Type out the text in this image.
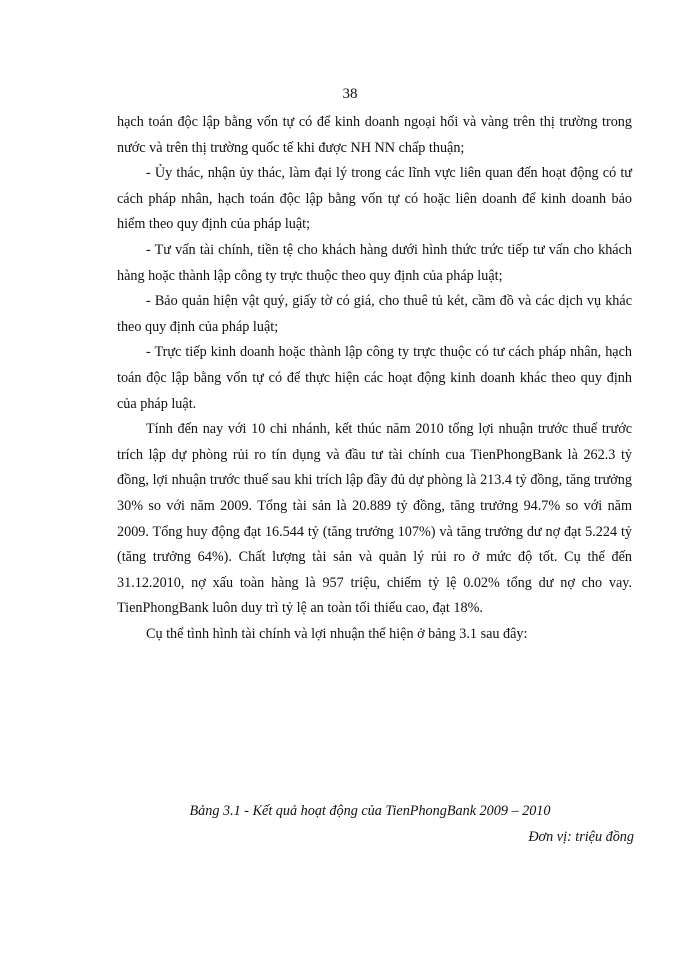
38

hạch toán độc lập bằng vốn tự có để kinh doanh ngoại hối và vàng trên thị trường trong nước và trên thị trường quốc tế khi được NH NN chấp thuận;

- Ủy thác, nhận ủy thác, làm đại lý trong các lĩnh vực liên quan đến hoạt động có tư cách pháp nhân, hạch toán độc lập bằng vốn tự có hoặc liên doanh để kinh doanh bảo hiểm theo quy định của pháp luật;

- Tư vấn tài chính, tiền tệ cho khách hàng dưới hình thức trức tiếp tư vấn cho khách hàng hoặc thành lập công ty trực thuộc theo quy định của pháp luật;

- Bảo quản hiện vật quý, giấy tờ có giá, cho thuê tủ két, cầm đồ và các dịch vụ khác theo quy định của pháp luật;

- Trực tiếp kinh doanh hoặc thành lập công ty trực thuộc có tư cách pháp nhân, hạch toán độc lập bằng vốn tự có để thực hiện các hoạt động kinh doanh khác theo quy định của pháp luật.

Tính đến nay với 10 chi nhánh, kết thúc năm 2010 tổng lợi nhuận trước thuế trước trích lập dự phòng rủi ro tín dụng và đầu tư tài chính cua TienPhongBank là 262.3 tỷ đồng, lợi nhuận trước thuế sau khi trích lập đầy đủ dự phòng là 213.4 tỷ đồng, tăng trưởng 30% so với năm 2009. Tổng tài sản là 20.889 tỷ đồng, tăng trưởng 94.7% so với năm 2009. Tổng huy động đạt 16.544 tỷ (tăng trưởng 107%) và tăng trưởng dư nợ đạt 5.224 tỷ (tăng trưởng 64%). Chất lượng tài sản và quản lý rủi ro ở mức độ tốt. Cụ thể đến 31.12.2010, nợ xấu toàn hàng là 957 triệu, chiếm tỷ lệ 0.02% tổng dư nợ cho vay. TienPhongBank luôn duy trì tỷ lệ an toàn tối thiểu cao, đạt 18%.

Cụ thể tình hình tài chính và lợi nhuận thể hiện ở bảng 3.1 sau đây:

Bảng 3.1 - Kết quả hoạt động của TienPhongBank 2009 – 2010
Đơn vị: triệu đồng
